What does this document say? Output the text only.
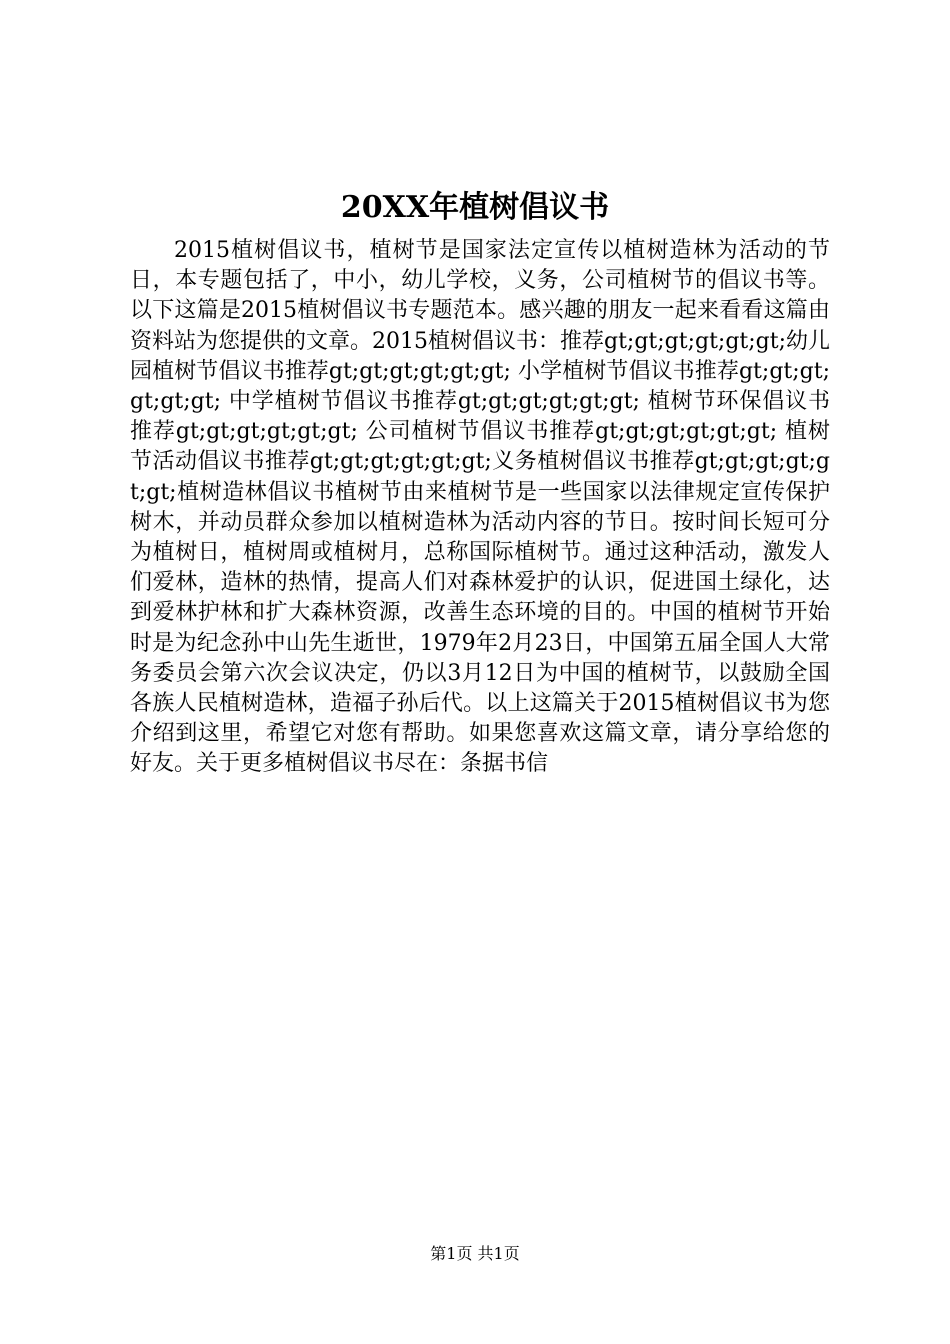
20XX年植树倡议书

2015植树倡议书，植树节是国家法定宣传以植树造林为活动的节日，本专题包括了，中小，幼儿学校，义务，公司植树节的倡议书等。以下这篇是2015植树倡议书专题范本。感兴趣的朋友一起来看看这篇由资料站为您提供的文章。2015植树倡议书：推荐gt;gt;gt;gt;gt;gt;幼儿园植树节倡议书推荐gt;gt;gt;gt;gt;gt; 小学植树节倡议书推荐gt;gt;gt;gt;gt;gt; 中学植树节倡议书推荐gt;gt;gt;gt;gt;gt; 植树节环保倡议书推荐gt;gt;gt;gt;gt;gt; 公司植树节倡议书推荐gt;gt;gt;gt;gt;gt; 植树节活动倡议书推荐gt;gt;gt;gt;gt;gt;义务植树倡议书推荐gt;gt;gt;gt;gt;gt;植树造林倡议书植树节由来植树节是一些国家以法律规定宣传保护树木，并动员群众参加以植树造林为活动内容的节日。按时间长短可分为植树日，植树周或植树月，总称国际植树节。通过这种活动，激发人们爱林，造林的热情，提高人们对森林爱护的认识，促进国土绿化，达到爱林护林和扩大森林资源，改善生态环境的目的。中国的植树节开始时是为纪念孙中山先生逝世，1979年2月23日，中国第五届全国人大常务委员会第六次会议决定，仍以3月12日为中国的植树节，以鼓励全国各族人民植树造林，造福子孙后代。以上这篇关于2015植树倡议书为您介绍到这里，希望它对您有帮助。如果您喜欢这篇文章，请分享给您的好友。关于更多植树倡议书尽在：条据书信

第1页 共1页
